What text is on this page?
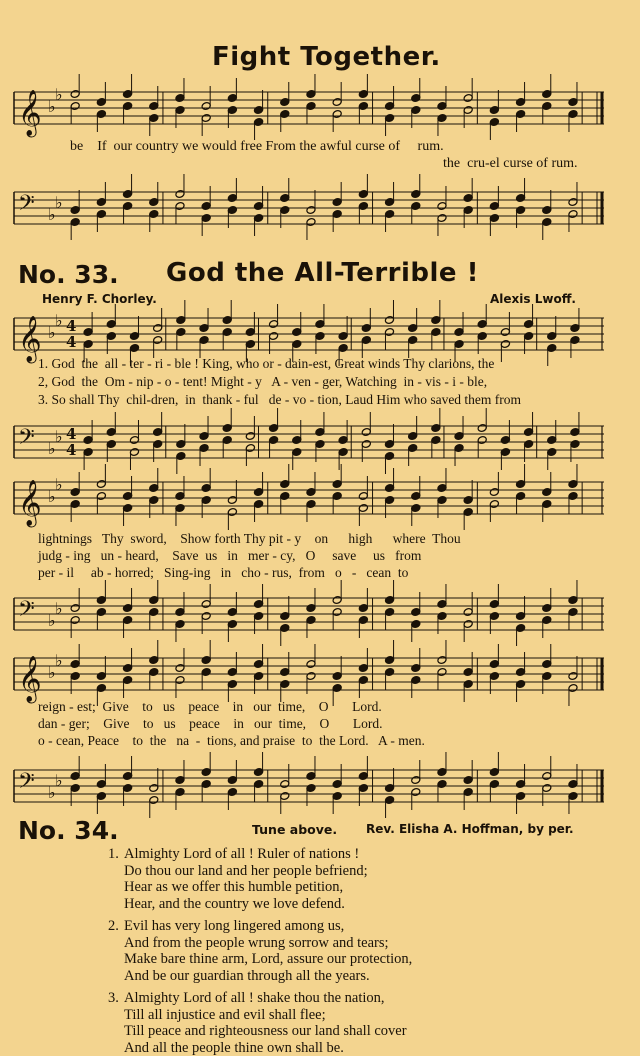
Fight Together.
𝄞 ♭
♭
be    If  our country we would free From the awful curse of     rum.
the  cru-el curse of rum.
𝄢 ♭
♭
No. 33. God the All-Terrible !
Henry F. Chorley.	Alexis Lwoff.
𝄞 ♭
♭ 4
4
1. God  the  all - ter - ri - ble ! King, who or - dain-est, Great winds Thy clarions, the
2, God  the  Om - nip - o - tent! Might - y   A - ven - ger, Watching  in - vis - i - ble,
3. So shall Thy  chil-dren,  in  thank - ful   de - vo - tion, Laud Him who saved them from
𝄢 ♭
♭ 4
4
𝄞 ♭
♭
lightnings   Thy  sword,    Show forth Thy pit - y    on      high      where  Thou
judg - ing   un - heard,    Save  us   in   mer - cy,   O     save     us   from
per - il     ab - horred;   Sing-ing   in   cho - rus,  from   o   -   cean  to
𝄢 ♭
♭
𝄞 ♭
♭
reign - est;  Give    to   us    peace    in   our  time,    O       Lord.
dan - ger;    Give    to   us    peace    in   our  time,    O       Lord.
o - cean, Peace    to  the   na  -  tions, and praise  to  the Lord.   A - men.
𝄢 ♭
♭
No. 34.	Tune above. Rev. Elisha A. Hoffman, by per.
1. Almighty Lord of all ! Ruler of nations !
Do thou our land and her people befriend;
Hear as we offer this humble petition,
Hear, and the country we love defend.
2. Evil has very long lingered among us,
And from the people wrung sorrow and tears;
Make bare thine arm, Lord, assure our protection,
And be our guardian through all the years.
3. Almighty Lord of all ! shake thou the nation,
Till all injustice and evil shall flee;
Till peace and righteousness our land shall cover
And all the people thine own shall be.
